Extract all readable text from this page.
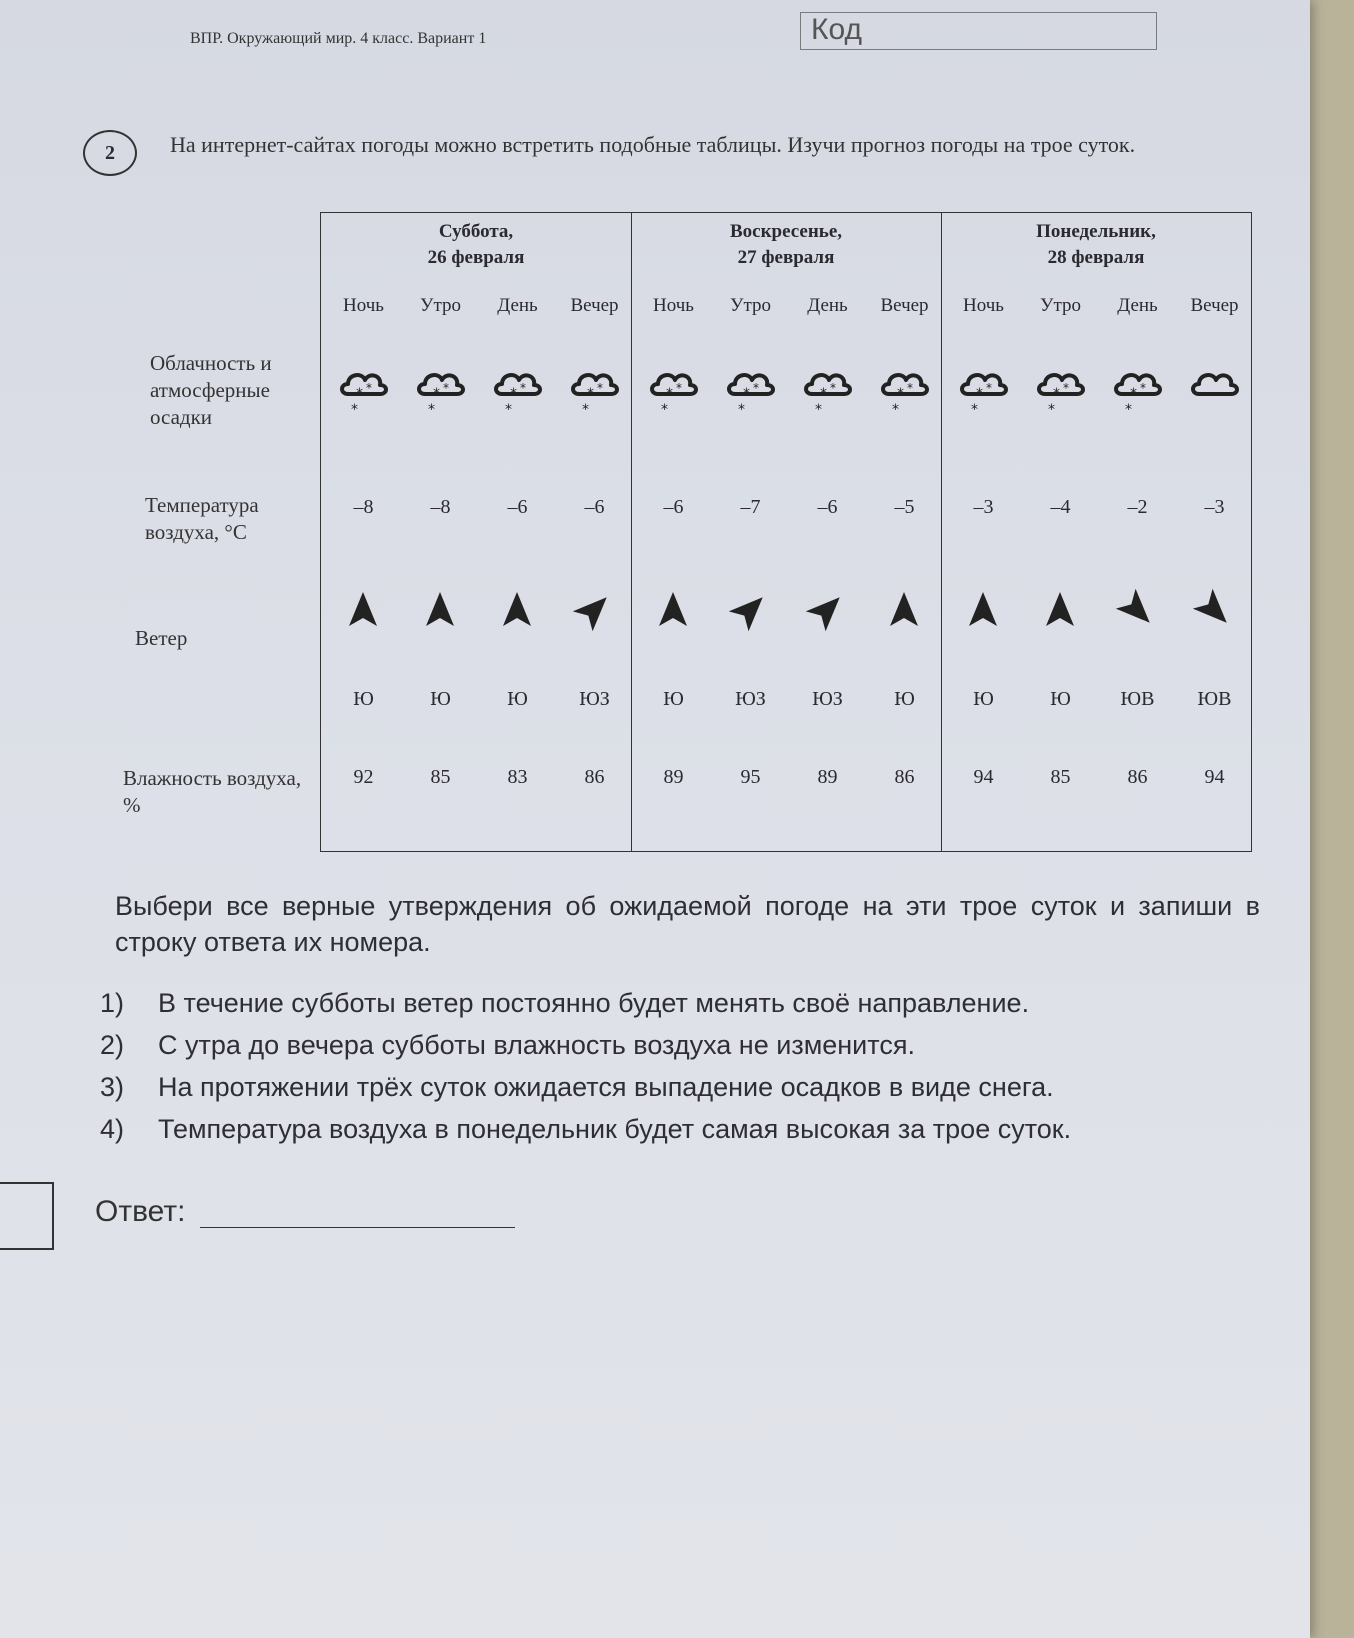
ВПР. Окружающий мир. 4 класс. Вариант 1	Код
2	На интернет-сайтах погоды можно встретить подобные таблицы. Изучи прогноз погоды на трое суток.
Облачность и атмосферные осадки
Температура воздуха, °С
Ветер
Влажность воздуха, %
Суббота,
26 февраля
Ночь
–8
Ю
92
* *
*
Утро
–8
Ю
85
* *
*
День
–6
Ю
83
* *
*
Вечер
–6
ЮЗ
86
* *
*
Воскресенье,
27 февраля
Ночь
–6
Ю
89
* *
*
Утро
–7
ЮЗ
95
* *
*
День
–6
ЮЗ
89
* *
*
Вечер
–5
Ю
86
* *
*
Понедельник,
28 февраля
Ночь
–3
Ю
94
* *
*
Утро
–4
Ю
85
* *
*
День
–2
ЮВ
86
* *
*
Вечер
–3
ЮВ
94
Выбери все верные утверждения об ожидаемой погоде на эти трое суток и запиши в строку ответа их номера.
1) В течение субботы ветер постоянно будет менять своё направление.
2) С утра до вечера субботы влажность воздуха не изменится.
3) На протяжении трёх суток ожидается выпадение осадков в виде снега.
4) Температура воздуха в понедельник будет самая высокая за трое суток.
Ответ:
